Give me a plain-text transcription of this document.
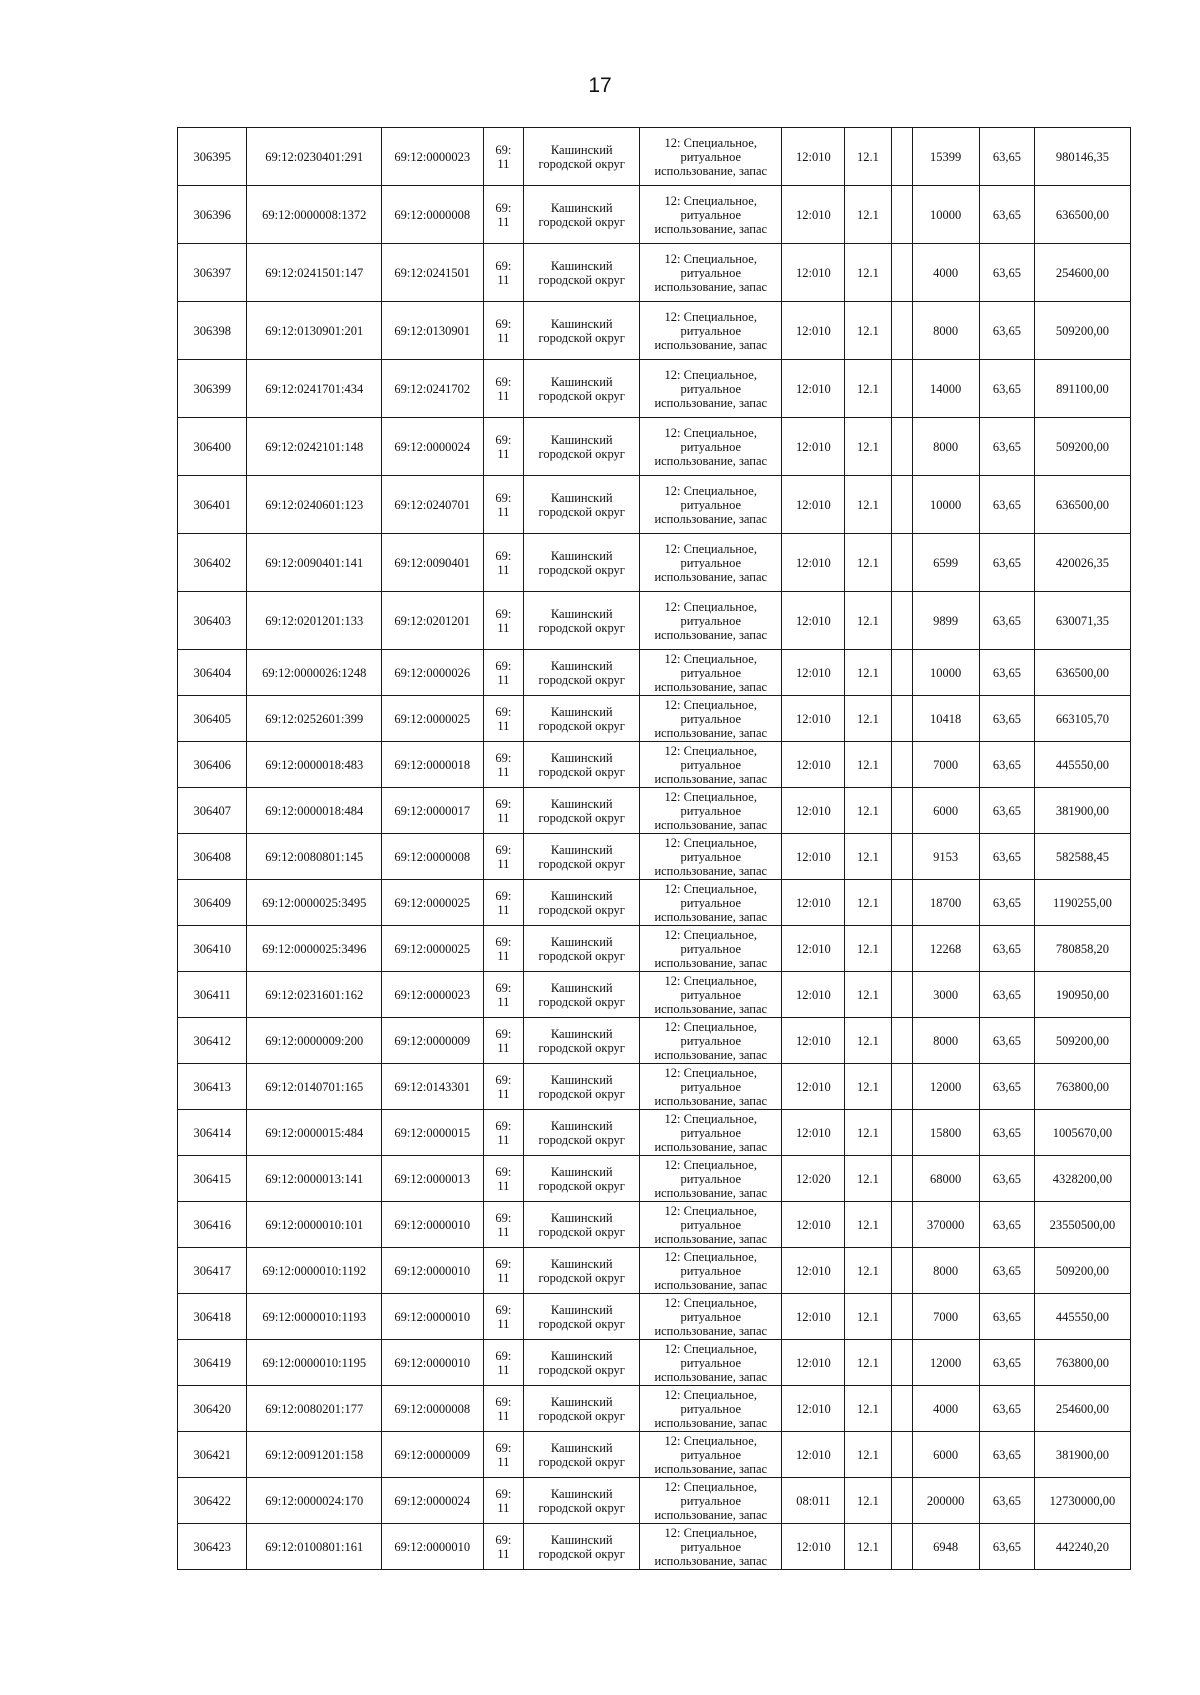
17
306395	69:12:0230401:291	69:12:0000023	69:
11	Кашинский
городской округ	12: Специальное,
ритуальное
использование, запас	12:010	12.1		15399	63,65	980146,35

306396	69:12:0000008:1372	69:12:0000008	69:
11	Кашинский
городской округ	12: Специальное,
ритуальное
использование, запас	12:010	12.1		10000	63,65	636500,00

306397	69:12:0241501:147	69:12:0241501	69:
11	Кашинский
городской округ	12: Специальное,
ритуальное
использование, запас	12:010	12.1		4000	63,65	254600,00

306398	69:12:0130901:201	69:12:0130901	69:
11	Кашинский
городской округ	12: Специальное,
ритуальное
использование, запас	12:010	12.1		8000	63,65	509200,00

306399	69:12:0241701:434	69:12:0241702	69:
11	Кашинский
городской округ	12: Специальное,
ритуальное
использование, запас	12:010	12.1		14000	63,65	891100,00

306400	69:12:0242101:148	69:12:0000024	69:
11	Кашинский
городской округ	12: Специальное,
ритуальное
использование, запас	12:010	12.1		8000	63,65	509200,00

306401	69:12:0240601:123	69:12:0240701	69:
11	Кашинский
городской округ	12: Специальное,
ритуальное
использование, запас	12:010	12.1		10000	63,65	636500,00

306402	69:12:0090401:141	69:12:0090401	69:
11	Кашинский
городской округ	12: Специальное,
ритуальное
использование, запас	12:010	12.1		6599	63,65	420026,35

306403	69:12:0201201:133	69:12:0201201	69:
11	Кашинский
городской округ	12: Специальное,
ритуальное
использование, запас	12:010	12.1		9899	63,65	630071,35

306404	69:12:0000026:1248	69:12:0000026	69:
11	Кашинский
городской округ	12: Специальное,
ритуальное
использование, запас	12:010	12.1		10000	63,65	636500,00

306405	69:12:0252601:399	69:12:0000025	69:
11	Кашинский
городской округ	12: Специальное,
ритуальное
использование, запас	12:010	12.1		10418	63,65	663105,70

306406	69:12:0000018:483	69:12:0000018	69:
11	Кашинский
городской округ	12: Специальное,
ритуальное
использование, запас	12:010	12.1		7000	63,65	445550,00

306407	69:12:0000018:484	69:12:0000017	69:
11	Кашинский
городской округ	12: Специальное,
ритуальное
использование, запас	12:010	12.1		6000	63,65	381900,00

306408	69:12:0080801:145	69:12:0000008	69:
11	Кашинский
городской округ	12: Специальное,
ритуальное
использование, запас	12:010	12.1		9153	63,65	582588,45

306409	69:12:0000025:3495	69:12:0000025	69:
11	Кашинский
городской округ	12: Специальное,
ритуальное
использование, запас	12:010	12.1		18700	63,65	1190255,00

306410	69:12:0000025:3496	69:12:0000025	69:
11	Кашинский
городской округ	12: Специальное,
ритуальное
использование, запас	12:010	12.1		12268	63,65	780858,20

306411	69:12:0231601:162	69:12:0000023	69:
11	Кашинский
городской округ	12: Специальное,
ритуальное
использование, запас	12:010	12.1		3000	63,65	190950,00

306412	69:12:0000009:200	69:12:0000009	69:
11	Кашинский
городской округ	12: Специальное,
ритуальное
использование, запас	12:010	12.1		8000	63,65	509200,00

306413	69:12:0140701:165	69:12:0143301	69:
11	Кашинский
городской округ	12: Специальное,
ритуальное
использование, запас	12:010	12.1		12000	63,65	763800,00

306414	69:12:0000015:484	69:12:0000015	69:
11	Кашинский
городской округ	12: Специальное,
ритуальное
использование, запас	12:010	12.1		15800	63,65	1005670,00

306415	69:12:0000013:141	69:12:0000013	69:
11	Кашинский
городской округ	12: Специальное,
ритуальное
использование, запас	12:020	12.1		68000	63,65	4328200,00

306416	69:12:0000010:101	69:12:0000010	69:
11	Кашинский
городской округ	12: Специальное,
ритуальное
использование, запас	12:010	12.1		370000	63,65	23550500,00

306417	69:12:0000010:1192	69:12:0000010	69:
11	Кашинский
городской округ	12: Специальное,
ритуальное
использование, запас	12:010	12.1		8000	63,65	509200,00

306418	69:12:0000010:1193	69:12:0000010	69:
11	Кашинский
городской округ	12: Специальное,
ритуальное
использование, запас	12:010	12.1		7000	63,65	445550,00

306419	69:12:0000010:1195	69:12:0000010	69:
11	Кашинский
городской округ	12: Специальное,
ритуальное
использование, запас	12:010	12.1		12000	63,65	763800,00

306420	69:12:0080201:177	69:12:0000008	69:
11	Кашинский
городской округ	12: Специальное,
ритуальное
использование, запас	12:010	12.1		4000	63,65	254600,00

306421	69:12:0091201:158	69:12:0000009	69:
11	Кашинский
городской округ	12: Специальное,
ритуальное
использование, запас	12:010	12.1		6000	63,65	381900,00

306422	69:12:0000024:170	69:12:0000024	69:
11	Кашинский
городской округ	12: Специальное,
ритуальное
использование, запас	08:011	12.1		200000	63,65	12730000,00

306423	69:12:0100801:161	69:12:0000010	69:
11	Кашинский
городской округ	12: Специальное,
ритуальное
использование, запас	12:010	12.1		6948	63,65	442240,20
